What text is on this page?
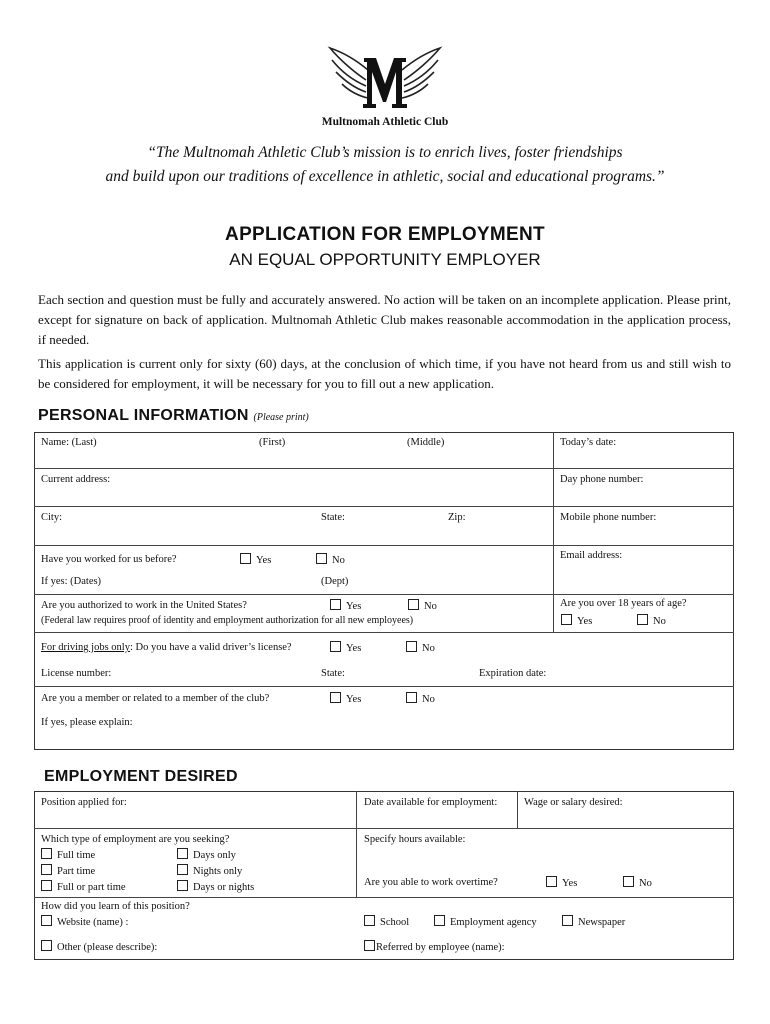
Multnomah Athletic Club
“The Multnomah Athletic Club’s mission is to enrich lives, foster friendships
and build upon our traditions of excellence in athletic, social and educational programs.”
APPLICATION FOR EMPLOYMENT
AN EQUAL OPPORTUNITY EMPLOYER
Each section and question must be fully and accurately answered. No action will be taken on an incomplete application. Please print, except for signature on back of application. Multnomah Athletic Club makes reasonable accommodation in the application process, if needed.
This application is current only for sixty (60) days, at the conclusion of which time, if you have not heard from us and still wish to be considered for employment, it will be necessary for you to fill out a new application.
PERSONAL INFORMATION (Please print)
Name: (Last)	(First)	(Middle)	Today’s date:
Current address:	Day phone number:
City:	State:	Zip:	Mobile phone number:
Have you worked for us before?	Yes	No	Email address:
If yes: (Dates)	(Dept)
Are you authorized to work in the United States?	Yes	No
(Federal law requires proof of identity and employment authorization for all new employees)
Are you over 18 years of age?
Yes	No
For driving jobs only: Do you have a valid driver’s license?	Yes	No
License number:	State:	Expiration date:
Are you a member or related to a member of the club?	Yes	No
If yes, please explain:
EMPLOYMENT DESIRED
Position applied for:	Date available for employment:	Wage or salary desired:
Which type of employment are you seeking?
Full time
Part time
Full or part time
Days only
Nights only
Days or nights
Specify hours available:
Are you able to work overtime?	Yes	No
How did you learn of this position?
Website (name) :	School	Employment agency	Newspaper
Other (please describe):	Referred by employee (name):
